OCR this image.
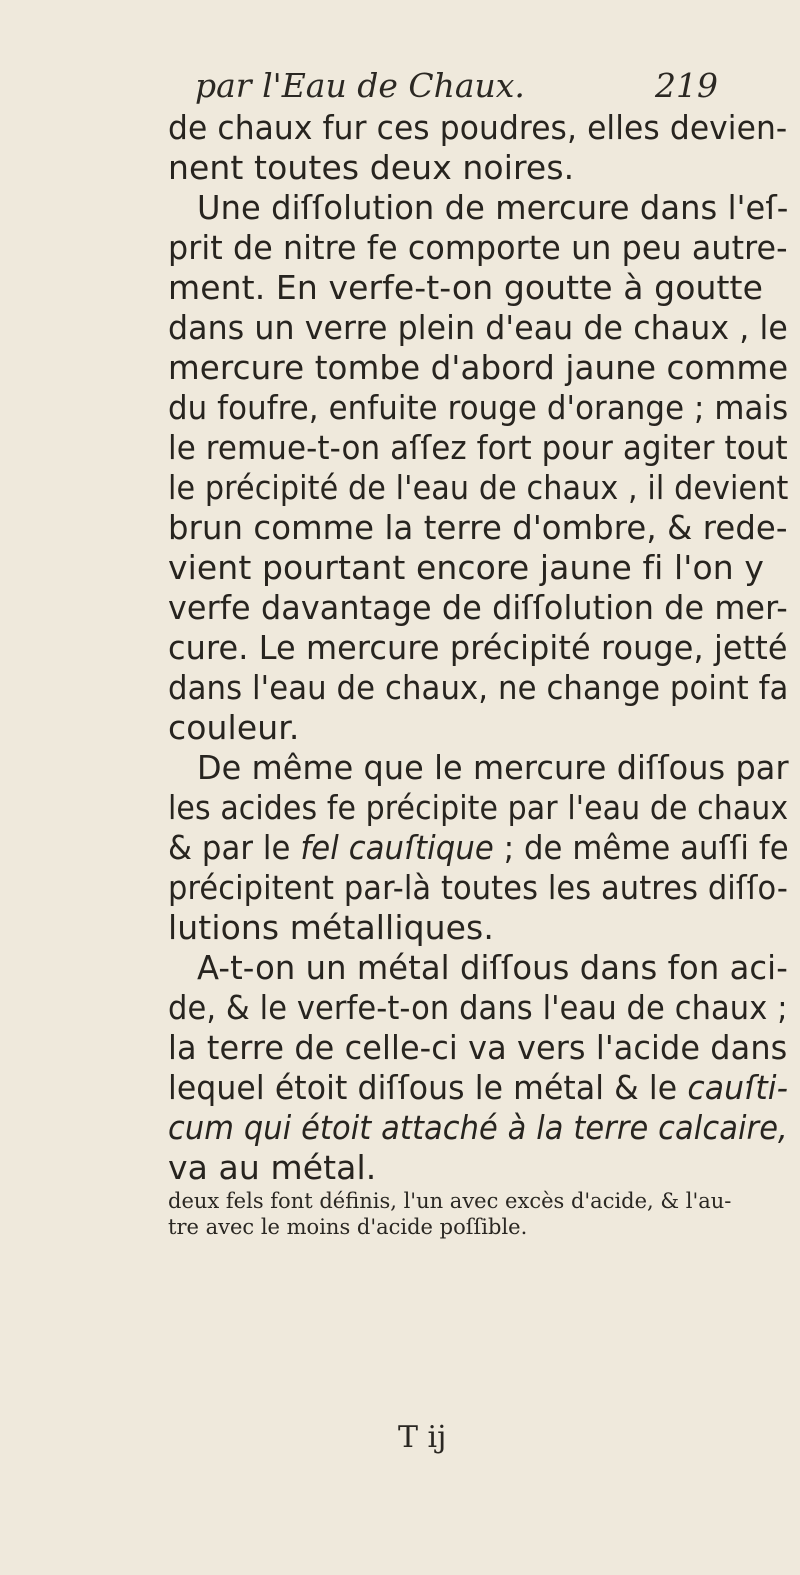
par l'Eau de Chaux.	219
de chaux fur ces poudres, elles devien-
nent toutes deux noires.
Une diſſolution de mercure dans l'eſ-
prit de nitre fe comporte un peu autre-
ment. En verfe-t-on goutte à goutte
dans un verre plein d'eau de chaux , le
mercure tombe d'abord jaune comme
du foufre, enfuite rouge d'orange ; mais
le remue-t-on aſſez fort pour agiter tout
le précipité de l'eau de chaux , il devient
brun comme la terre d'ombre, & rede-
vient pourtant encore jaune fi l'on y
verfe davantage de diſſolution de mer-
cure. Le mercure précipité rouge, jetté
dans l'eau de chaux, ne change point fa
couleur.
De même que le mercure diſſous par
les acides fe précipite par l'eau de chaux
& par le fel cauſtique ; de même auſſi fe
précipitent par-là toutes les autres diſſo-
lutions métalliques.
A-t-on un métal diſſous dans fon aci-
de, & le verfe-t-on dans l'eau de chaux ;
la terre de celle-ci va vers l'acide dans
lequel étoit diſſous le métal & le cauſti-
cum qui étoit attaché à la terre calcaire,
va au métal.
deux fels font définis, l'un avec excès d'acide, & l'au-
tre avec le moins d'acide poſſible.
T ij
